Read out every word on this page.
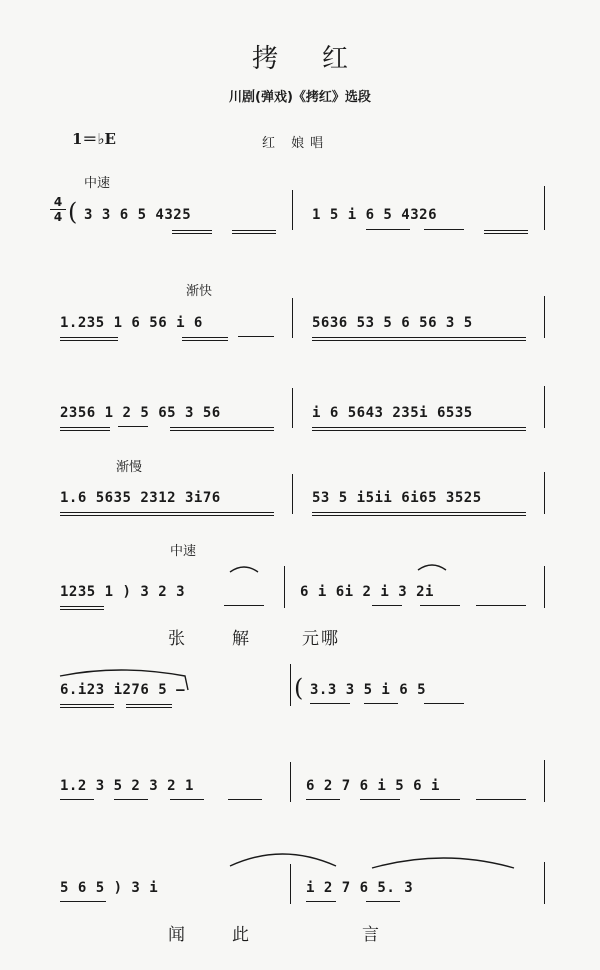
拷红
川剧(弹戏)《拷红》选段
1＝♭E	红 娘唱
中速
渐快
渐慢
中速
4
4 ( 3 3 6 5 4325	1 5 i 6 5 4326
1.235 1 6 56 i 6	5636 53 5 6 56 3 5
2356 1 2 5 65 3 56	i 6 5643 235i 6535
1.6 5635 2312 3i76	53 5 i5ii 6i65 3525
1235 1 ) 3 2 3	6 i 6i 2 i 3 2i
张	解	元哪
6.i23 i276 5 –	( 3.3 3 5 i 6 5
1.2 3 5 2 3 2 1	6 2 7 6 i 5 6 i
5 6 5 ) 3 i	i 2 7 6 5. 3
闻	此	言
